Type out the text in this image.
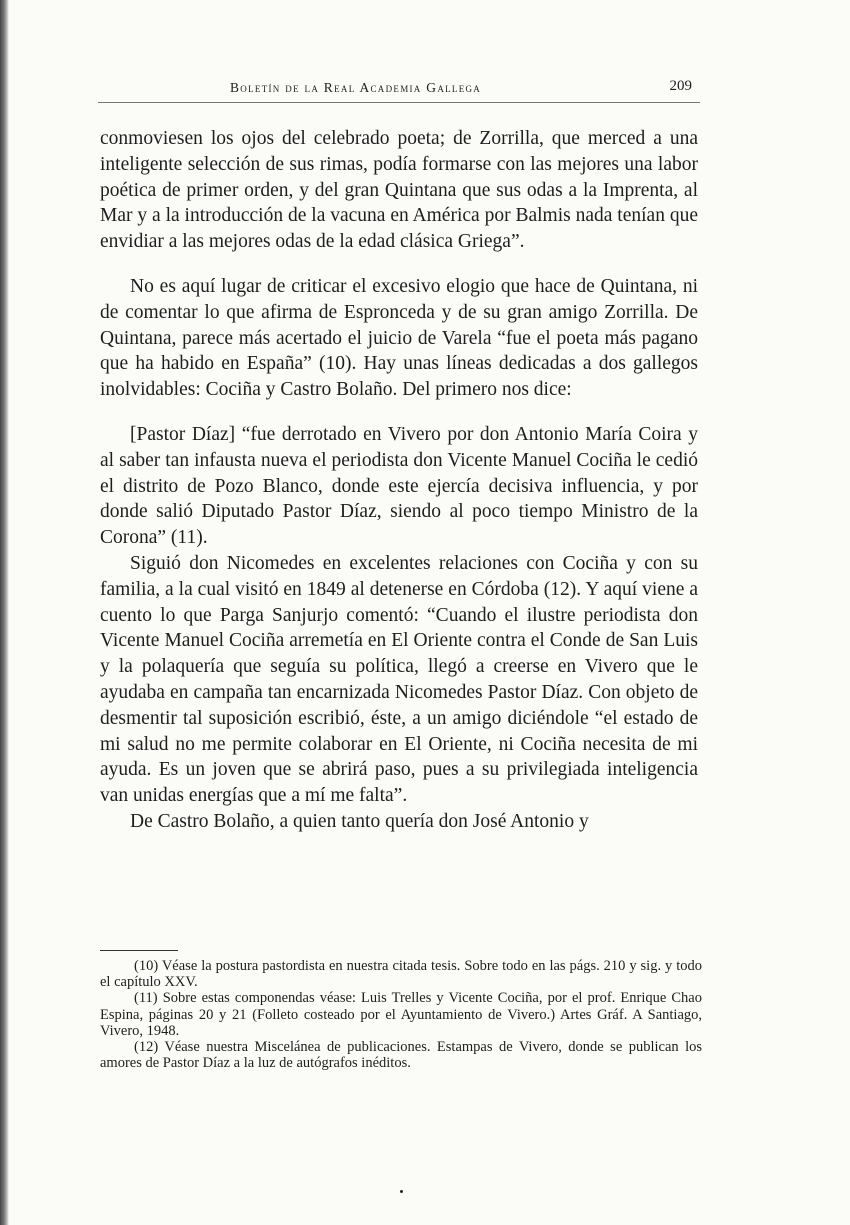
Boletín de la Real Academia Gallega	209

conmoviesen los ojos del celebrado poeta; de Zorrilla, que merced a una inteligente selección de sus rimas, podía formarse con las mejores una labor poética de primer orden, y del gran Quintana que sus odas a la Imprenta, al Mar y a la introducción de la vacuna en América por Balmis nada tenían que envidiar a las mejores odas de la edad clásica Griega”.

No es aquí lugar de criticar el excesivo elogio que hace de Quintana, ni de comentar lo que afirma de Espronceda y de su gran amigo Zorrilla. De Quintana, parece más acertado el juicio de Varela “fue el poeta más pagano que ha habido en España” (10). Hay unas líneas dedicadas a dos gallegos inolvidables: Cociña y Castro Bolaño. Del primero nos dice:

[Pastor Díaz] “fue derrotado en Vivero por don Antonio María Coira y al saber tan infausta nueva el periodista don Vicente Manuel Cociña le cedió el distrito de Pozo Blanco, donde este ejercía decisiva influencia, y por donde salió Diputado Pastor Díaz, siendo al poco tiempo Ministro de la Corona” (11).

Siguió don Nicomedes en excelentes relaciones con Cociña y con su familia, a la cual visitó en 1849 al detenerse en Córdoba (12). Y aquí viene a cuento lo que Parga Sanjurjo comentó: “Cuando el ilustre periodista don Vicente Manuel Cociña arremetía en El Oriente contra el Conde de San Luis y la polaquería que seguía su política, llegó a creerse en Vivero que le ayudaba en campaña tan encarnizada Nicomedes Pastor Díaz. Con objeto de desmentir tal suposición escribió, éste, a un amigo diciéndole “el estado de mi salud no me permite colaborar en El Oriente, ni Cociña necesita de mi ayuda. Es un joven que se abrirá paso, pues a su privilegiada inteligencia van unidas energías que a mí me falta”.

De Castro Bolaño, a quien tanto quería don José Antonio y

(10) Véase la postura pastordista en nuestra citada tesis. Sobre todo en las págs. 210 y sig. y todo el capítulo XXV.

(11) Sobre estas componendas véase: Luis Trelles y Vicente Cociña, por el prof. Enrique Chao Espina, páginas 20 y 21 (Folleto costeado por el Ayuntamiento de Vivero.) Artes Gráf. A Santiago, Vivero, 1948.

(12) Véase nuestra Miscelánea de publicaciones. Estampas de Vivero, donde se publican los amores de Pastor Díaz a la luz de autógrafos inéditos.
